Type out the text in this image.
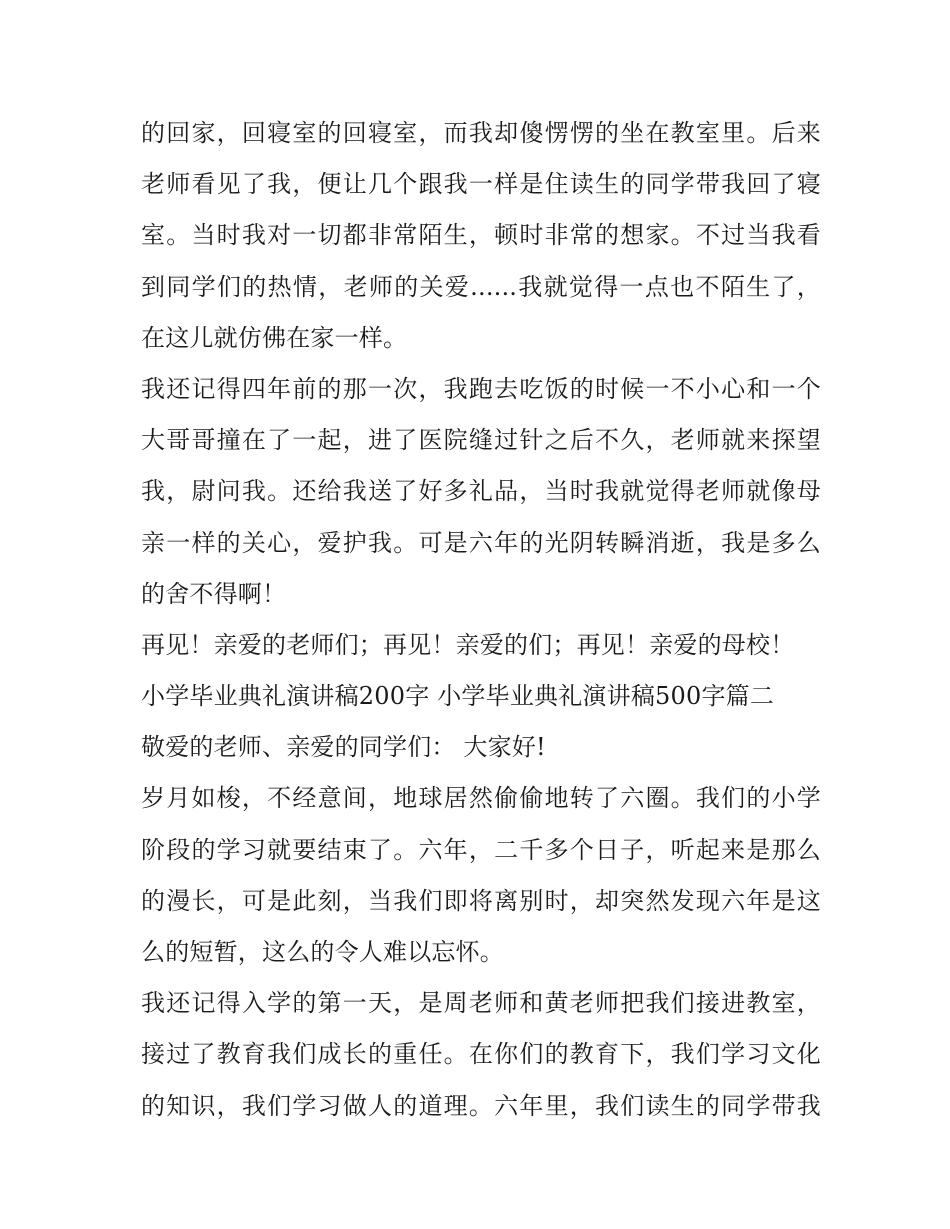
的回家，回寝室的回寝室，而我却傻愣愣的坐在教室里。后来
老师看见了我，便让几个跟我一样是住读生的同学带我回了寝
室。当时我对一切都非常陌生，顿时非常的想家。不过当我看
到同学们的热情，老师的关爱......我就觉得一点也不陌生了，
在这儿就仿佛在家一样。
我还记得四年前的那一次，我跑去吃饭的时候一不小心和一个
大哥哥撞在了一起，进了医院缝过针之后不久，老师就来探望
我，尉问我。还给我送了好多礼品，当时我就觉得老师就像母
亲一样的关心，爱护我。可是六年的光阴转瞬消逝，我是多么
的舍不得啊！
再见！亲爱的老师们；再见！亲爱的们；再见！亲爱的母校！
小学毕业典礼演讲稿200字 小学毕业典礼演讲稿500字篇二
敬爱的老师、亲爱的同学们： 大家好!
岁月如梭，不经意间，地球居然偷偷地转了六圈。我们的小学
阶段的学习就要结束了。六年，二千多个日子，听起来是那么
的漫长，可是此刻，当我们即将离别时，却突然发现六年是这
么的短暂，这么的令人难以忘怀。
我还记得入学的第一天，是周老师和黄老师把我们接进教室，
接过了教育我们成长的重任。在你们的教育下，我们学习文化
的知识，我们学习做人的道理。六年里，我们读生的同学带我
